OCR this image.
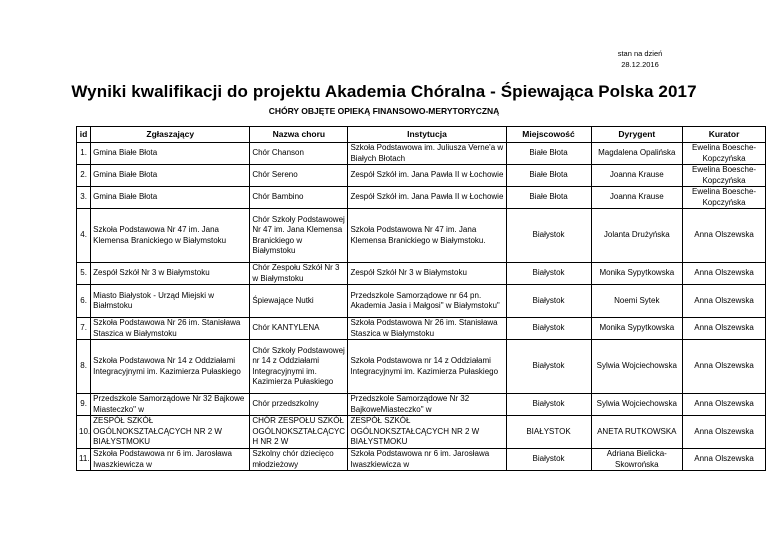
stan na dzień
28.12.2016
Wyniki kwalifikacji do projektu Akademia Chóralna - Śpiewająca Polska 2017
CHÓRY OBJĘTE OPIEKĄ FINANSOWO-MERYTORYCZNĄ
id	Zgłaszający	Nazwa choru	Instytucja	Miejscowość	Dyrygent	Kurator
1.	Gmina Białe Błota	Chór Chanson	Szkoła Podstawowa im. Juliusza Verne'a w Białych Błotach	Białe Błota	Magdalena Opalińska	Ewelina Boesche-Kopczyńska
2.	Gmina Białe Błota	Chór Sereno	Zespół Szkół im. Jana Pawła II w Łochowie	Białe Błota	Joanna Krause	Ewelina Boesche-Kopczyńska
3.	Gmina Białe Błota	Chór Bambino	Zespół Szkół im. Jana Pawła II w Łochowie	Białe Błota	Joanna Krause	Ewelina Boesche-Kopczyńska
4.	Szkoła Podstawowa Nr 47 im. Jana Klemensa Branickiego w Białymstoku	Chór Szkoły Podstawowej Nr 47 im. Jana Klemensa Branickiego w Białymstoku	Szkoła Podstawowa Nr 47 im. Jana Klemensa Branickiego w Białymstoku.	Białystok	Jolanta Drużyńska	Anna Olszewska
5.	Zespół Szkół Nr 3 w Białymstoku	Chór Zespołu Szkół Nr 3 w Białymstoku	Zespół Szkół Nr 3 w Białymstoku	Białystok	Monika Sypytkowska	Anna Olszewska
6.	Miasto Białystok - Urząd Miejski w Białmstoku	Śpiewające Nutki	Przedszkole Samorządowe nr 64 pn. Akademia Jasia i Małgosi" w Białymstoku"	Białystok	Noemi Sytek	Anna Olszewska
7.	Szkoła Podstawowa Nr 26 im. Stanisława Staszica w Białymstoku	Chór KANTYLENA	Szkoła Podstawowa Nr 26 im. Stanisława Staszica w Białymstoku	Białystok	Monika Sypytkowska	Anna Olszewska
8.	Szkoła Podstawowa Nr 14 z Oddziałami Integracyjnymi im. Kazimierza Pułaskiego	Chór Szkoły Podstawowej nr 14 z Oddziałami Integracyjnymi im. Kazimierza Pułaskiego	Szkoła Podstawowa nr 14 z Oddziałami Integracyjnymi im. Kazimierza Pułaskiego	Białystok	Sylwia Wojciechowska	Anna Olszewska
9.	Przedszkole Samorządowe Nr 32 Bajkowe Miasteczko" w	Chór przedszkolny	Przedszkole Samorządowe Nr 32 BajkoweMiasteczko" w	Białystok	Sylwia Wojciechowska	Anna Olszewska
10.	ZESPÓŁ SZKÓŁ OGÓLNOKSZTAŁCĄCYCH NR 2 W BIAŁYSTMOKU	CHÓR ZESPOŁU SZKÓŁ OGÓLNOKSZTAŁCĄCYC H NR 2 W	ZESPÓŁ SZKÓŁ OGÓLNOKSZTAŁCĄCYCH NR 2 W BIAŁYSTMOKU	BIAŁYSTOK	ANETA RUTKOWSKA	Anna Olszewska
11.	Szkoła Podstawowa nr 6 im. Jarosława Iwaszkiewicza w	Szkolny chór dziecięco młodzieżowy	Szkoła Podstawowa nr 6 im. Jarosława Iwaszkiewicza w	Białystok	Adriana Bielicka-Skowrońska	Anna Olszewska
